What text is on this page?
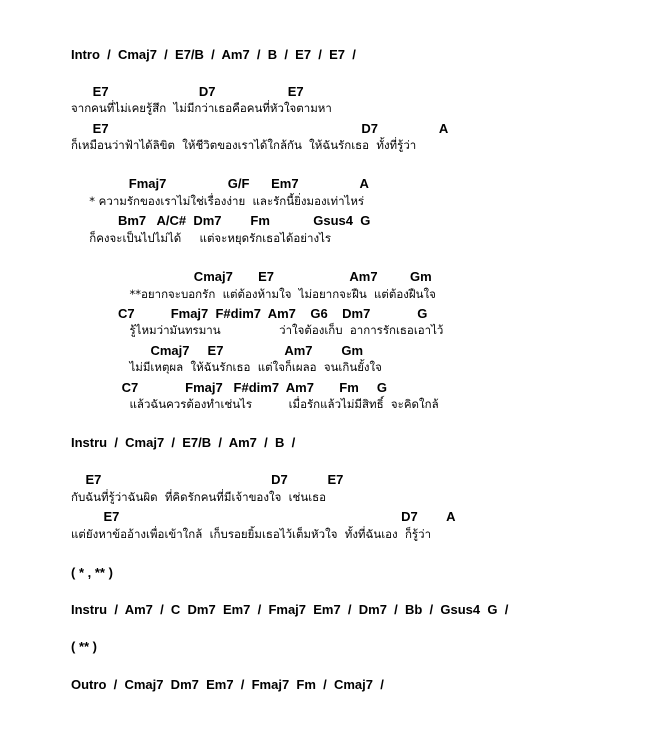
Intro  /  Cmaj7  /  E7/B  /  Am7  /  B  /  E7  /  E7  /
E7                         D7                    E7
จากคนที่ไม่เคยรู้สึก  ไม่มีกว่าเธอคือคนที่หัวใจตามหา
E7                                                                      D7                 A
ก็เหมือนว่าฟ้าได้ลิขิต  ให้ชีวิตของเราได้ใกล้กัน  ให้ฉันรักเธอ  ทั้งที่รู้ว่า
Fmaj7                 G/F      Em7                 A
* ความรักของเราไม่ใช่เรื่องง่าย  และรักนี้ยิ่งมองเท่าไหร่
Bm7   A/C#  Dm7        Fm            Gsus4  G
ก็คงจะเป็นไปไม่ได้     แต่จะหยุดรักเธอได้อย่างไร
Cmaj7       E7                     Am7         Gm
**อยากจะบอกรัก  แต่ต้องห้ามใจ  ไม่อยากจะฝืน  แต่ต้องฝืนใจ
C7          Fmaj7  F#dim7  Am7    G6    Dm7             G
รู้ไหมว่ามันทรมาน                ว่าใจต้องเก็บ  อาการรักเธอเอาไว้
Cmaj7     E7                 Am7        Gm
ไม่มีเหตุผล  ให้ฉันรักเธอ  แต่ใจก็เผลอ  จนเกินยั้งใจ
C7             Fmaj7   F#dim7  Am7       Fm     G
แล้วฉันควรต้องทำเช่นไร          เมื่อรักแล้วไม่มีสิทธิ์  จะคิดใกล้
Instru  /  Cmaj7  /  E7/B  /  Am7  /  B  /
E7                                               D7           E7
กับฉันที่รู้ว่าฉันผิด  ที่คิดรักคนที่มีเจ้าของใจ  เช่นเธอ
E7                                                                              D7        A
แต่ยังหาข้ออ้างเพื่อเข้าใกล้  เก็บรอยยิ้มเธอไว้เต็มหัวใจ  ทั้งที่ฉันเอง  ก็รู้ว่า
( * , ** )
Instru  /  Am7  /  C  Dm7  Em7  /  Fmaj7  Em7  /  Dm7  /  Bb  /  Gsus4  G  /
( ** )
Outro  /  Cmaj7  Dm7  Em7  /  Fmaj7  Fm  /  Cmaj7  /
